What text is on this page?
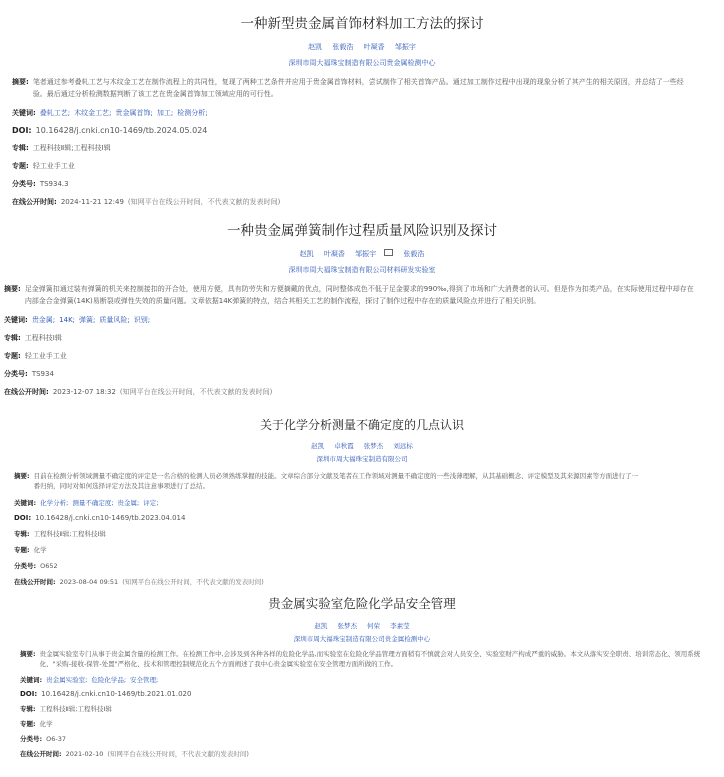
一种新型贵金属首饰材料加工方法的探讨
赵凯 张毅浩 叶凝香 邹振宇
深圳市周大福珠宝制造有限公司贵金属检测中心
摘要: 笔者通过参考叠轧工艺与木纹金工艺在制作流程上的共同性，复现了两种工艺条件并应用于贵金属首饰材料，尝试制作了相关首饰产品。通过加工制作过程中出现的现象分析了其产生的相关原因，并总结了一些经验。最后通过分析检测数据判断了该工艺在贵金属首饰加工领域应用的可行性。
关键词: 叠轧工艺; 木纹金工艺; 贵金属首饰; 加工; 检测分析;
DOI: 10.16428/j.cnki.cn10-1469/tb.2024.05.024
专辑: 工程科技Ⅱ辑;工程科技Ⅰ辑
专题: 轻工业手工业
分类号: TS934.3
在线公开时间: 2024-11-21 12:49 (知网平台在线公开时间，不代表文献的发表时间)
一种贵金属弹簧制作过程质量风险识别及探讨
赵凯 叶凝香 邹振宇	张毅浩
深圳市周大福珠宝制造有限公司材料研发实验室
摘要: 足金弹簧扣通过装有弹簧的机关来控制接扣的开合处，使用方便，具有防劳失和方便摘戴的优点，同时整体成色不低于足金要求的990‰,得到了市场和广大消费者的认可。但是作为扣类产品，在实际使用过程中却存在内部金合金弹簧(14K)易断裂或弹性失效的质量问题。文章依据14K弹簧的特点，结合其相关工艺的制作流程，探讨了制作过程中存在的质量风险点并进行了相关识别。
关键词: 贵金属; 14K; 弹簧; 质量风险; 识别;
专辑: 工程科技Ⅰ辑
专题: 轻工业手工业
分类号: TS934
在线公开时间: 2023-12-07 18:32 (知网平台在线公开时间，不代表文献的发表时间)
关于化学分析测量不确定度的几点认识
赵凯 卓秋霞 张梦杰 刘远标
深圳市周大福珠宝制造有限公司
摘要: 目前在检测分析领域测量不确定度的评定是一名合格的检测人员必须熟练掌握的技能。文章综合部分文献及笔者在工作领域对测量不确定度的一些浅薄理解，从其基础概念、评定模型及其来源因素等方面进行了一番归纳，同时对如何选择评定方法及其注意事项进行了总结。
关键词: 化学分析; 测量不确定度; 贵金属; 评定;
DOI: 10.16428/j.cnki.cn10-1469/tb.2023.04.014
专辑: 工程科技Ⅱ辑;工程科技Ⅰ辑
专题: 化学
分类号: O652
在线公开时间: 2023-08-04 09:51 (知网平台在线公开时间，不代表文献的发表时间)
贵金属实验室危险化学品安全管理
赵凯 张梦杰 何荣 李素莹
深圳市周大福珠宝制造有限公司贵金属检测中心
摘要: 贵金属实验室专门从事于贵金属含量的检测工作。在检测工作中,会涉及到各种各样的危险化学品,而实验室在危险化学品管理方面稍有不慎就会对人员安全、实验室财产构成严重的威胁。本文从落实安全职责、培训常态化、领用系统化、"采购-接收-保管-处置"严格化、技术和管理控制规范化五个方面阐述了我中心贵金属实验室在安全管理方面所做的工作。
关键词: 贵金属实验室; 危险化学品; 安全管理;
DOI: 10.16428/j.cnki.cn10-1469/tb.2021.01.020
专辑: 工程科技Ⅱ辑;工程科技Ⅰ辑
专题: 化学
分类号: O6-37
在线公开时间: 2021-02-10 (知网平台在线公开时间，不代表文献的发表时间)
